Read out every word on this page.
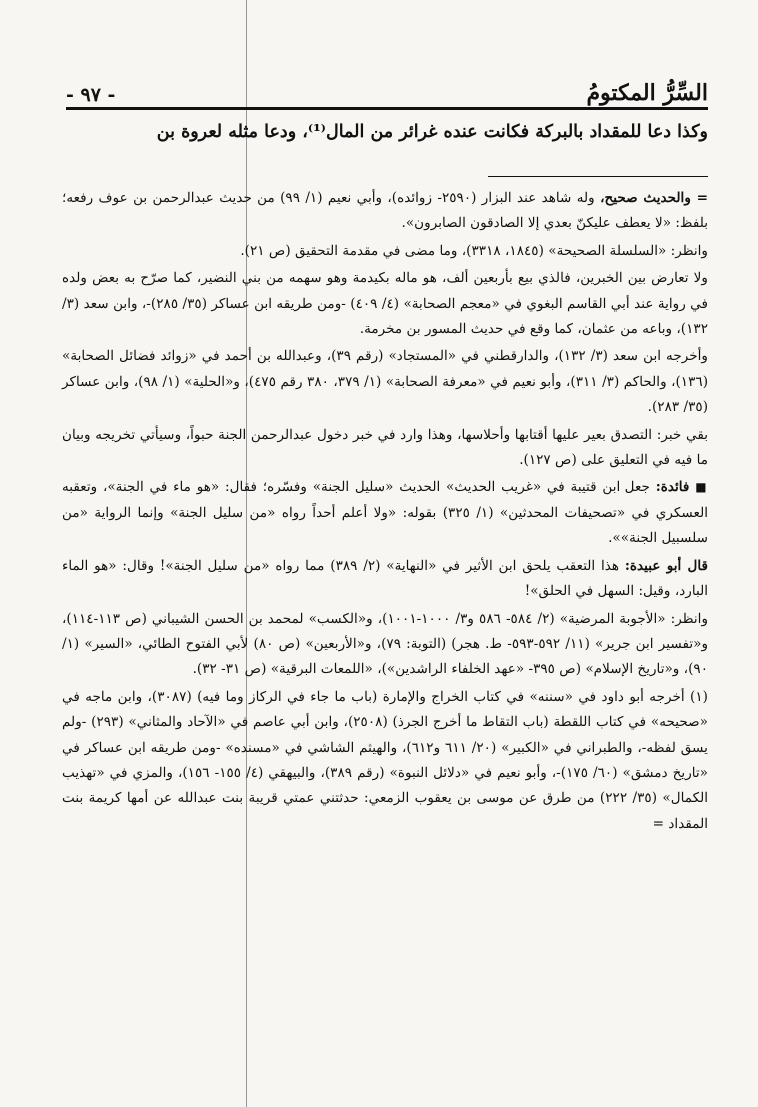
- ٩٧ -	السِّرُّ المكتومُ
وكذا دعا للمقداد بالبركة فكانت عنده غرائر من المال⁽¹⁾، ودعا مثله لعروة بن

= والحديث صحيح، وله شاهد عند البزار (٢٥٩٠- زوائده)، وأبي نعيم (١/ ٩٩) من حديث عبدالرحمن بن عوف رفعه؛ بلفظ: «لا يعطف عليكنّ بعدي إلا الصادقون الصابرون».

وانظر: «السلسلة الصحيحة» (١٨٤٥، ٣٣١٨)، وما مضى في مقدمة التحقيق (ص ٢١).

ولا تعارض بين الخبرين، فالذي بيع بأربعين ألف، هو ماله بكيدمة وهو سهمه من بني النضير، كما صرّح به بعض ولده في رواية عند أبي القاسم البغوي في «معجم الصحابة» (٤/ ٤٠٩) -ومن طريقه ابن عساكر (٣٥/ ٢٨٥)-، وابن سعد (٣/ ١٣٢)، وباعه من عثمان، كما وقع في حديث المسور بن مخرمة.

وأخرجه ابن سعد (٣/ ١٣٢)، والدارقطني في «المستجاد» (رقم ٣٩)، وعبدالله بن أحمد في «زوائد فضائل الصحابة» (١٣٦)، والحاكم (٣/ ٣١١)، وأبو نعيم في «معرفة الصحابة» (١/ ٣٧٩، ٣٨٠ رقم ٤٧٥)، و«الحلية» (١/ ٩٨)، وابن عساكر (٣٥/ ٢٨٣).

بقي خبر: التصدق بعير عليها أقتابها وأحلاسها، وهذا وارد في خبر دخول عبدالرحمن الجنة حبواً، وسيأتي تخريجه وبيان ما فيه في التعليق على (ص ١٢٧).

■ فائدة: جعل ابن قتيبة في «غريب الحديث» الحديث «سليل الجنة» وفسّره؛ فقال: «هو ماء في الجنة»، وتعقبه العسكري في «تصحيفات المحدثين» (١/ ٣٢٥) بقوله: «ولا أعلم أحداً رواه «من سليل الجنة» وإنما الرواية «من سلسبيل الجنة»».

قال أبو عبيدة: هذا التعقب يلحق ابن الأثير في «النهاية» (٢/ ٣٨٩) مما رواه «من سليل الجنة»! وقال: «هو الماء البارد، وقيل: السهل في الحلق»!

وانظر: «الأجوبة المرضية» (٢/ ٥٨٤- ٥٨٦ و٣/ ١٠٠٠-١٠٠١)، و«الكسب» لمحمد بن الحسن الشيباني (ص ١١٣-١١٤)، و«تفسير ابن جرير» (١١/ ٥٩٢-٥٩٣- ط. هجر) (التوبة: ٧٩)، و«الأربعين» (ص ٨٠) لأبي الفتوح الطائي، «السير» (١/ ٩٠)، و«تاريخ الإسلام» (ص ٣٩٥- «عهد الخلفاء الراشدين»)، «اللمعات البرقية» (ص ٣١- ٣٢).

(١) أخرجه أبو داود في «سننه» في كتاب الخراج والإمارة (باب ما جاء في الركاز وما فيه) (٣٠٨٧)، وابن ماجه في «صحيحه» في كتاب اللقطة (باب التقاط ما أخرج الجرذ) (٢٥٠٨)، وابن أبي عاصم في «الآحاد والمثاني» (٢٩٣) -ولم يسق لفظه-، والطبراني في «الكبير» (٢٠/ ٦١١ و٦١٢)، والهيثم الشاشي في «مسنده» -ومن طريقه ابن عساكر في «تاريخ دمشق» (٦٠/ ١٧٥)-، وأبو نعيم في «دلائل النبوة» (رقم ٣٨٩)، والبيهقي (٤/ ١٥٥- ١٥٦)، والمزي في «تهذيب الكمال» (٣٥/ ٢٢٢) من طرق عن موسى بن يعقوب الزمعي: حدثتني عمتي قريبة بنت عبدالله عن أمها كريمة بنت المقداد =
